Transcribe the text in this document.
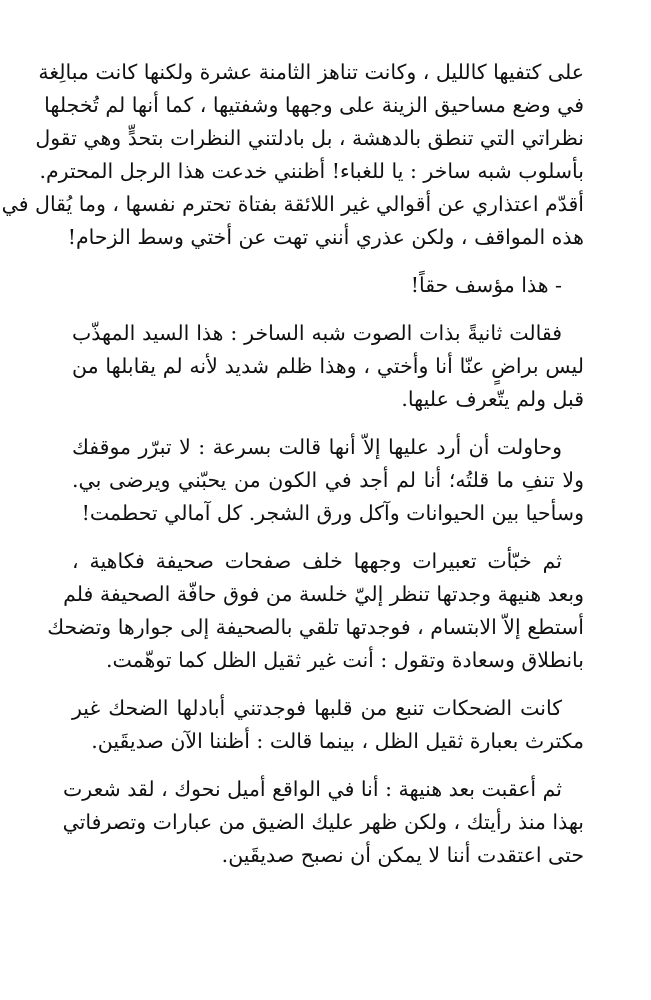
على كتفيها كالليل ، وكانت تناهز الثامنة عشرة ولكنها كانت مبالِغة
في وضع مساحيق الزينة على وجهها وشفتيها ، كما أنها لم تُخجلها
نظراتي التي تنطق بالدهشة ، بل بادلتني النظرات بتحدٍّ وهي تقول
بأسلوب شبه ساخر : يا للغباء! أظنني خدعت هذا الرجل المحترم.
أقدّم اعتذاري عن أقوالي غير اللائقة بفتاة تحترم نفسها ، وما يُقال في
هذه المواقف ، ولكن عذري أنني تهت عن أختي وسط الزحام!
- هذا مؤسف حقاً!
فقالت ثانيةً بذات الصوت شبه الساخر : هذا السيد المهذّب
ليس براضٍ عنّا أنا وأختي ، وهذا ظلم شديد لأنه لم يقابلها من
قبل ولم يتّعرف عليها.
وحاولت أن أرد عليها إلاّ أنها قالت بسرعة : لا تبرّر موقفك
ولا تنفِ ما قلتُه؛ أنا لم أجد في الكون من يحبّني ويرضى بي.
وسأحيا بين الحيوانات وآكل ورق الشجر. كل آمالي تحطمت!
ثم خبّأت تعبيرات وجهها خلف صفحات صحيفة فكاهية ،
وبعد هنيهة وجدتها تنظر إليّ خلسة من فوق حافّة الصحيفة فلم
أستطع إلاّ الابتسام ، فوجدتها تلقي بالصحيفة إلى جوارها وتضحك
بانطلاق وسعادة وتقول : أنت غير ثقيل الظل كما توهّمت.
كانت الضحكات تنبع من قلبها فوجدتني أبادلها الضحك غير
مكترث بعبارة ثقيل الظل ، بينما قالت : أظننا الآن صديقَين.
ثم أعقبت بعد هنيهة : أنا في الواقع أميل نحوك ، لقد شعرت
بهذا منذ رأيتك ، ولكن ظهر عليك الضيق من عبارات وتصرفاتي
حتى اعتقدت أننا لا يمكن أن نصبح صديقَين.
